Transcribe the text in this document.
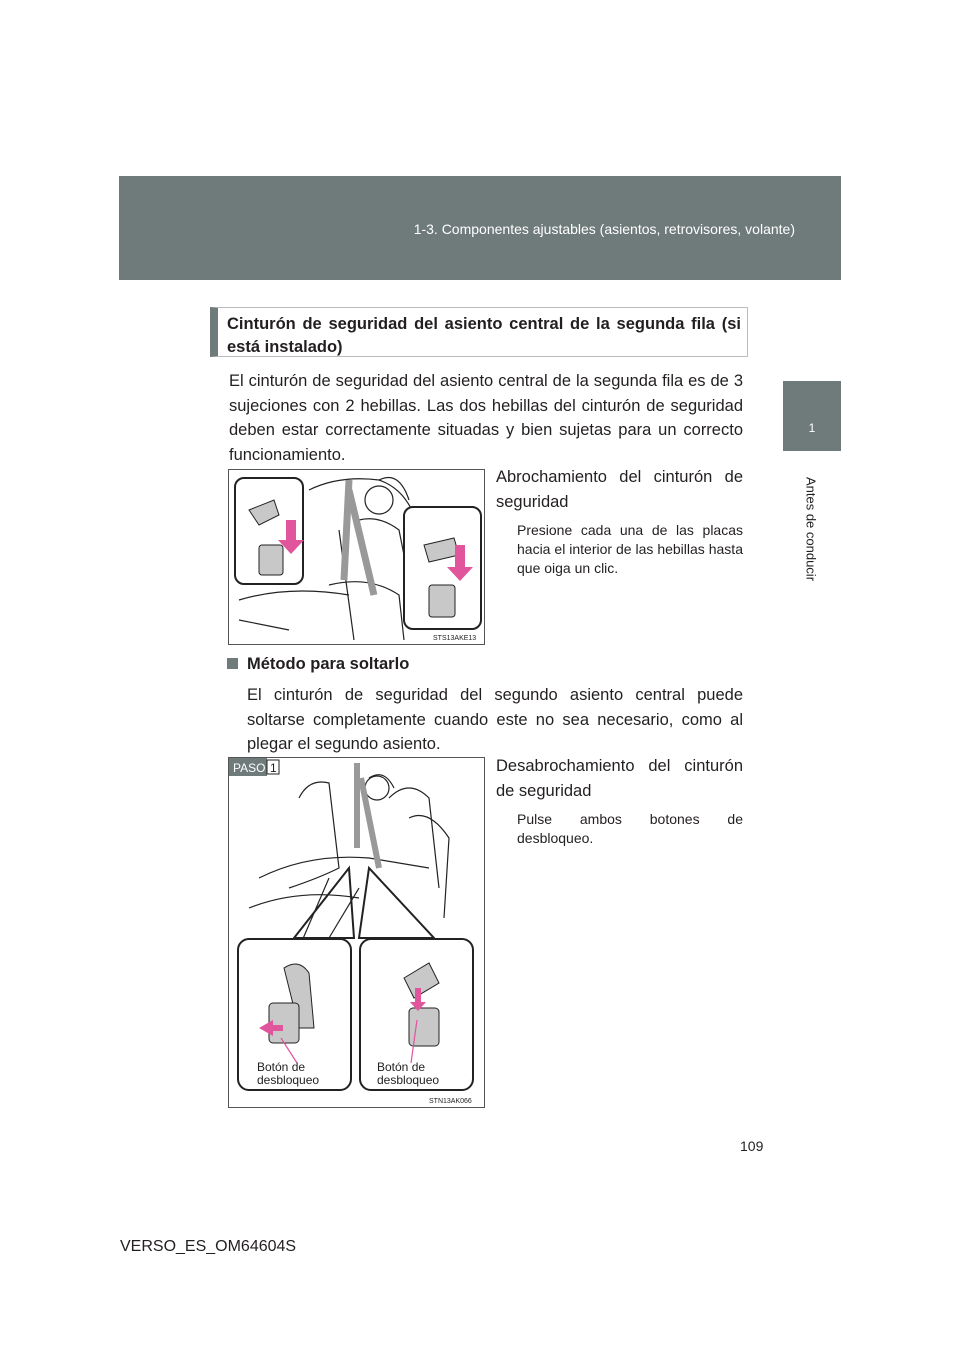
1-3. Componentes ajustables (asientos, retrovisores, volante)
1
Antes de conducir
Cinturón de seguridad del asiento central de la segunda fila (si está instalado)
El cinturón de seguridad del asiento central de la segunda fila es de 3 sujeciones con 2 hebillas. Las dos hebillas del cinturón de seguridad deben estar correctamente situadas y bien sujetas para un correcto funcionamiento.
STS13AKE13
Abrochamiento del cinturón de seguridad
Presione cada una de las placas hacia el interior de las hebillas hasta que oiga un clic.
Método para soltarlo
El cinturón de seguridad del segundo asiento central puede soltarse completamente cuando este no sea necesario, como al plegar el segundo asiento.
PASO 1
Botón de desbloqueo
Botón de desbloqueo
STN13AK066
Desabrochamiento del cinturón de seguridad
Pulse ambos botones de desbloqueo.
109
VERSO_ES_OM64604S
